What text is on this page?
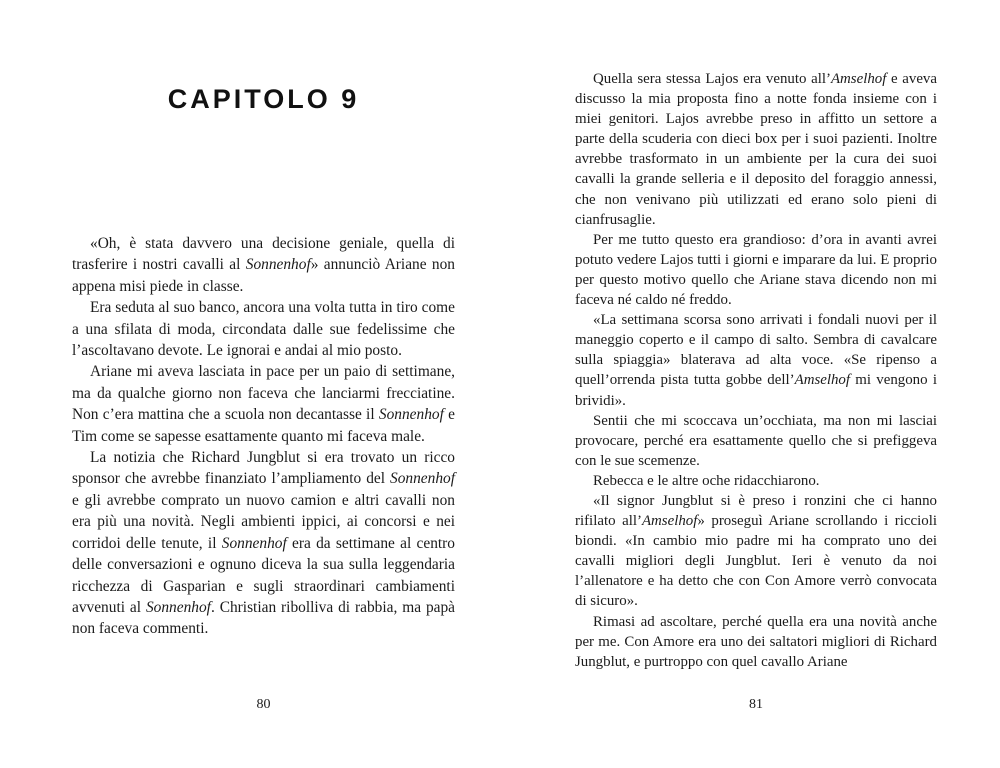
CAPITOLO 9

«Oh, è stata davvero una decisione geniale, quella di trasferire i nostri cavalli al Sonnenhof» annunciò Ariane non appena misi piede in classe.

Era seduta al suo banco, ancora una volta tutta in tiro come a una sfilata di moda, circondata dalle sue fedelissime che l’ascoltavano devote. Le ignorai e andai al mio posto.

Ariane mi aveva lasciata in pace per un paio di settimane, ma da qualche giorno non faceva che lanciarmi frecciatine. Non c’era mattina che a scuola non decantasse il Sonnenhof e Tim come se sapesse esattamente quanto mi faceva male.

La notizia che Richard Jungblut si era trovato un ricco sponsor che avrebbe finanziato l’ampliamento del Sonnenhof e gli avrebbe comprato un nuovo camion e altri cavalli non era più una novità. Negli ambienti ippici, ai concorsi e nei corridoi delle tenute, il Sonnenhof era da settimane al centro delle conversazioni e ognuno diceva la sua sulla leggendaria ricchezza di Gasparian e sugli straordinari cambiamenti avvenuti al Sonnenhof. Christian ribolliva di rabbia, ma papà non faceva commenti.

80

Quella sera stessa Lajos era venuto all’Amselhof e aveva discusso la mia proposta fino a notte fonda insieme con i miei genitori. Lajos avrebbe preso in affitto un settore a parte della scuderia con dieci box per i suoi pazienti. Inoltre avrebbe trasformato in un ambiente per la cura dei suoi cavalli la grande selleria e il deposito del foraggio annessi, che non venivano più utilizzati ed erano solo pieni di cianfrusaglie.

Per me tutto questo era grandioso: d’ora in avanti avrei potuto vedere Lajos tutti i giorni e imparare da lui. E proprio per questo motivo quello che Ariane stava dicendo non mi faceva né caldo né freddo.

«La settimana scorsa sono arrivati i fondali nuovi per il maneggio coperto e il campo di salto. Sembra di cavalcare sulla spiaggia» blaterava ad alta voce. «Se ripenso a quell’orrenda pista tutta gobbe dell’Amselhof mi vengono i brividi».

Sentii che mi scoccava un’occhiata, ma non mi lasciai provocare, perché era esattamente quello che si prefiggeva con le sue scemenze.

Rebecca e le altre oche ridacchiarono.

«Il signor Jungblut si è preso i ronzini che ci hanno rifilato all’Amselhof» proseguì Ariane scrollando i riccioli biondi. «In cambio mio padre mi ha comprato uno dei cavalli migliori degli Jungblut. Ieri è venuto da noi l’allenatore e ha detto che con Con Amore verrò convocata di sicuro».

Rimasi ad ascoltare, perché quella era una novità anche per me. Con Amore era uno dei saltatori migliori di Richard Jungblut, e purtroppo con quel cavallo Ariane

81
